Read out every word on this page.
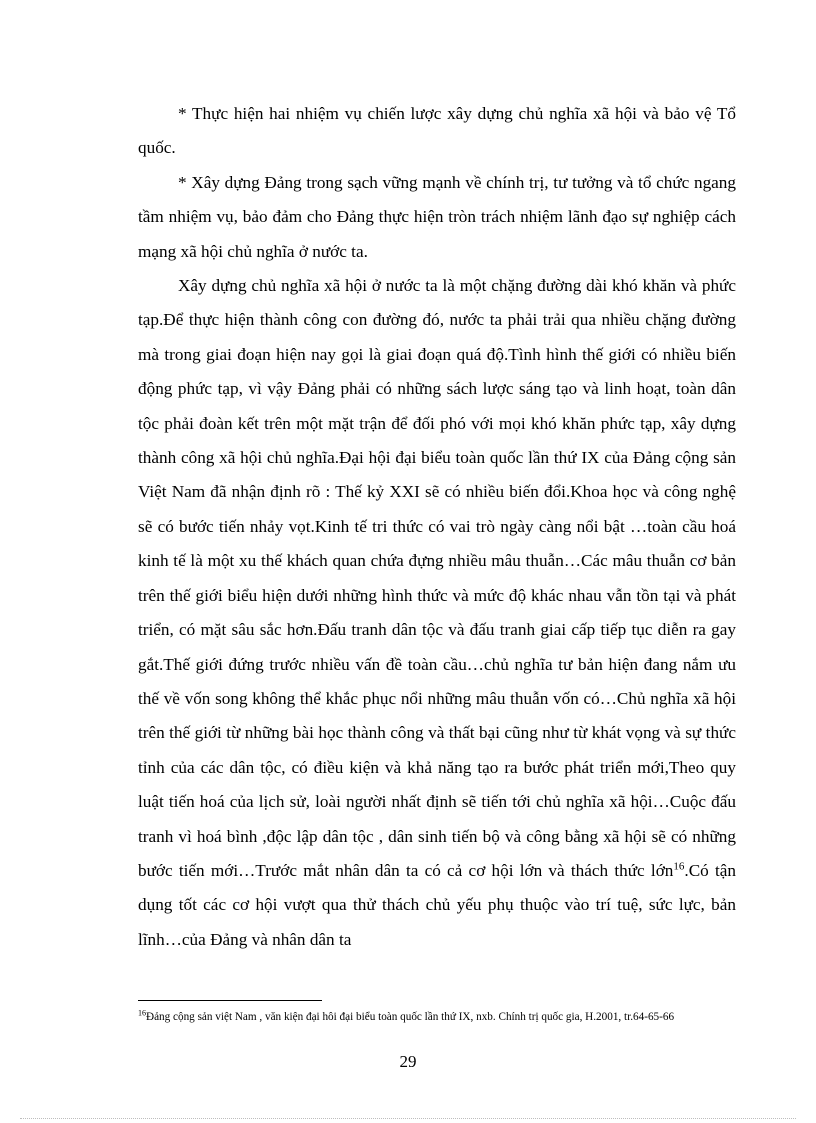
* Thực hiện hai nhiệm vụ chiến lược xây dựng chủ nghĩa xã hội và bảo vệ Tổ quốc.

* Xây dựng Đảng trong sạch vững mạnh về chính trị, tư tưởng và tổ chức ngang tầm nhiệm vụ, bảo đảm cho Đảng thực hiện tròn trách nhiệm lãnh đạo sự nghiệp cách mạng xã hội chủ nghĩa ở nước ta.

Xây dựng chủ nghĩa xã hội ở nước ta là một chặng đường dài khó khăn và phức tạp.Để thực hiện thành công con đường đó, nước ta phải trải qua nhiều chặng đường mà trong giai đoạn hiện nay gọi là giai đoạn quá độ.Tình hình thế giới có nhiều biến động phức tạp, vì vậy Đảng phải có những sách lược sáng tạo và linh hoạt, toàn dân tộc phải đoàn kết trên một mặt trận để đối phó với mọi khó khăn phức tạp, xây dựng thành công xã hội chủ nghĩa.Đại hội đại biểu toàn quốc lần thứ IX của Đảng cộng sản Việt Nam đã nhận định rõ : Thế kỷ XXI sẽ có nhiều biến đổi.Khoa học và công nghệ sẽ có bước tiến nhảy vọt.Kinh tế tri thức có vai trò ngày càng nổi bật …toàn cầu hoá kinh tế là một xu thế khách quan chứa đựng nhiều mâu thuẫn…Các mâu thuẫn cơ bản trên thế giới biểu hiện dưới những hình thức và mức độ khác nhau vẫn tồn tại và phát triển, có mặt sâu sắc hơn.Đấu tranh dân tộc và đấu tranh giai cấp tiếp tục diễn ra gay gắt.Thế giới đứng trước nhiều vấn đề toàn cầu…chủ nghĩa tư bản hiện đang nắm ưu thế về vốn song không thể khắc phục nổi những mâu thuẫn vốn có…Chủ nghĩa xã hội trên thế giới từ những bài học thành công và thất bại cũng như từ khát vọng và sự thức tỉnh của các dân tộc, có điều kiện và khả năng tạo ra bước phát triển mới,Theo quy luật tiến hoá của lịch sử, loài người nhất định sẽ tiến tới chủ nghĩa xã hội…Cuộc đấu tranh vì hoá bình ,độc lập dân tộc , dân sinh tiến bộ và công bằng xã hội sẽ có những bước tiến mới…Trước mắt nhân dân ta có cả cơ hội lớn và thách thức lớn$^{16}$.Có tận dụng tốt các cơ hội vượt qua thử thách chủ yếu phụ thuộc vào trí tuệ, sức lực, bản lĩnh…của Đảng và nhân dân ta

$^{16}$Đảng cộng sản việt Nam , văn kiện đại hôi đại biểu toàn quốc lần thứ IX, nxb. Chính trị quốc gia, H.2001, tr.64-65-66
29
